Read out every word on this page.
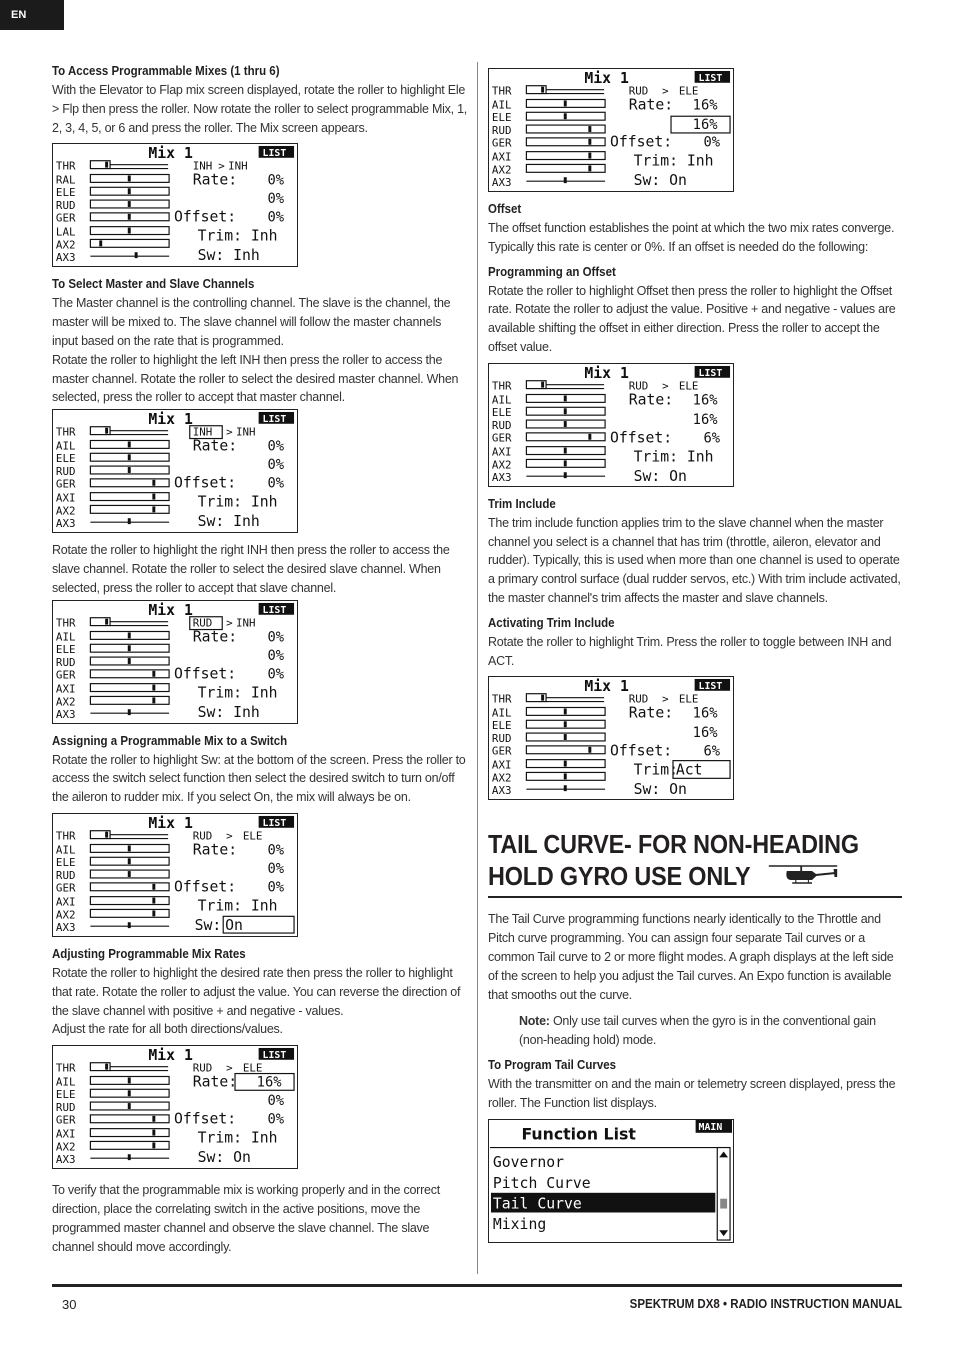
EN
To Access Programmable Mixes (1 thru 6)

With the Elevator to Flap mix screen displayed, rotate the roller to highlight Ele > Flp then press the roller. Now rotate the roller to select programmable Mix, 1, 2, 3, 4, 5, or 6 and press the roller. The Mix screen appears.

Mix 1	LIST
THR
RAL
ELE
RUD
GER
LAL
AX2
AX3
INH > INH
Rate: 0%
0%
Offset: 0%
Trim: Inh
Sw: Inh
To Select Master and Slave Channels

The Master channel is the controlling channel. The slave is the channel, the master will be mixed to. The slave channel will follow the master channels input based on the rate that is programmed.

Rotate the roller to highlight the left INH then press the roller to access the master channel. Rotate the roller to select the desired master channel. When selected, press the roller to accept that master channel.

Mix 1	LIST
THR
AIL
ELE
RUD
GER
AXI
AX2
AX3
INH > INH
Rate: 0%
0%
Offset: 0%
Trim: Inh
Sw: Inh

Rotate the roller to highlight the right INH then press the roller to access the slave channel. Rotate the roller to select the desired slave channel. When selected, press the roller to accept that slave channel.

Mix 1	LIST
THR
AIL
ELE
RUD
GER
AXI
AX2
AX3
RUD > INH
Rate: 0%
0%
Offset: 0%
Trim: Inh
Sw: Inh
Assigning a Programmable Mix to a Switch

Rotate the roller to highlight Sw: at the bottom of the screen. Press the roller to access the switch select function then select the desired switch to turn on/off the aileron to rudder mix. If you select On, the mix will always be on.

Mix 1	LIST
THR
AIL
ELE
RUD
GER
AXI
AX2
AX3
RUD > ELE
Rate: 0%
0%
Offset: 0%
Trim: Inh
Sw: On
Adjusting Programmable Mix Rates

Rotate the roller to highlight the desired rate then press the roller to highlight that rate. Rotate the roller to adjust the value. You can reverse the direction of the slave channel with positive + and negative - values.

Adjust the rate for all both directions/values.

Mix 1	LIST
THR
AIL
ELE
RUD
GER
AXI
AX2
AX3
RUD > ELE
Rate: 16%
0%
Offset: 0%
Trim: Inh
Sw: On

To verify that the programmable mix is working properly and in the correct direction, place the correlating switch in the active positions, move the programmed master channel and observe the slave channel. The slave channel should move accordingly.

Mix 1	LIST
THR
AIL
ELE
RUD
GER
AXI
AX2
AX3
RUD > ELE
Rate: 16%
16%
Offset: 0%
Trim: Inh
Sw: On
Offset

The offset function establishes the point at which the two mix rates converge. Typically this rate is center or 0%. If an offset is needed do the following:

Programming an Offset

Rotate the roller to highlight Offset then press the roller to highlight the Offset rate. Rotate the roller to adjust the value. Positive + and negative - values are available shifting the offset in either direction. Press the roller to accept the offset value.

Mix 1	LIST
THR
AIL
ELE
RUD
GER
AXI
AX2
AX3
RUD > ELE
Rate: 16%
16%
Offset: 6%
Trim: Inh
Sw: On
Trim Include

The trim include function applies trim to the slave channel when the master channel you select is a channel that has trim (throttle, aileron, elevator and rudder). Typically, this is used when more than one channel is used to operate a primary control surface (dual rudder servos, etc.) With trim include activated, the master channel's trim affects the master and slave channels.

Activating Trim Include

Rotate the roller to highlight Trim. Press the roller to toggle between INH and ACT.

Mix 1	LIST
THR
AIL
ELE
RUD
GER
AXI
AX2
AX3
RUD > ELE
Rate: 16%
16%
Offset: 6%
Trim:
Act
Sw: On
TAIL CURVE- FOR NON-HEADING
HOLD GYRO USE ONLY

The Tail Curve programming functions nearly identically to the Throttle and Pitch curve programming. You can assign four separate Tail curves or a common Tail curve to 2 or more flight modes. A graph displays at the left side of the screen to help you adjust the Tail curves. An Expo function is available that smooths out the curve.

Note: Only use tail curves when the gyro is in the conventional gain (non-heading hold) mode.

To Program Tail Curves

With the transmitter on and the main or telemetry screen displayed, press the roller. The Function list displays.

Function List	MAIN
Governor
Pitch Curve
Tail Curve
Mixing
30	SPEKTRUM DX8 • RADIO INSTRUCTION MANUAL
